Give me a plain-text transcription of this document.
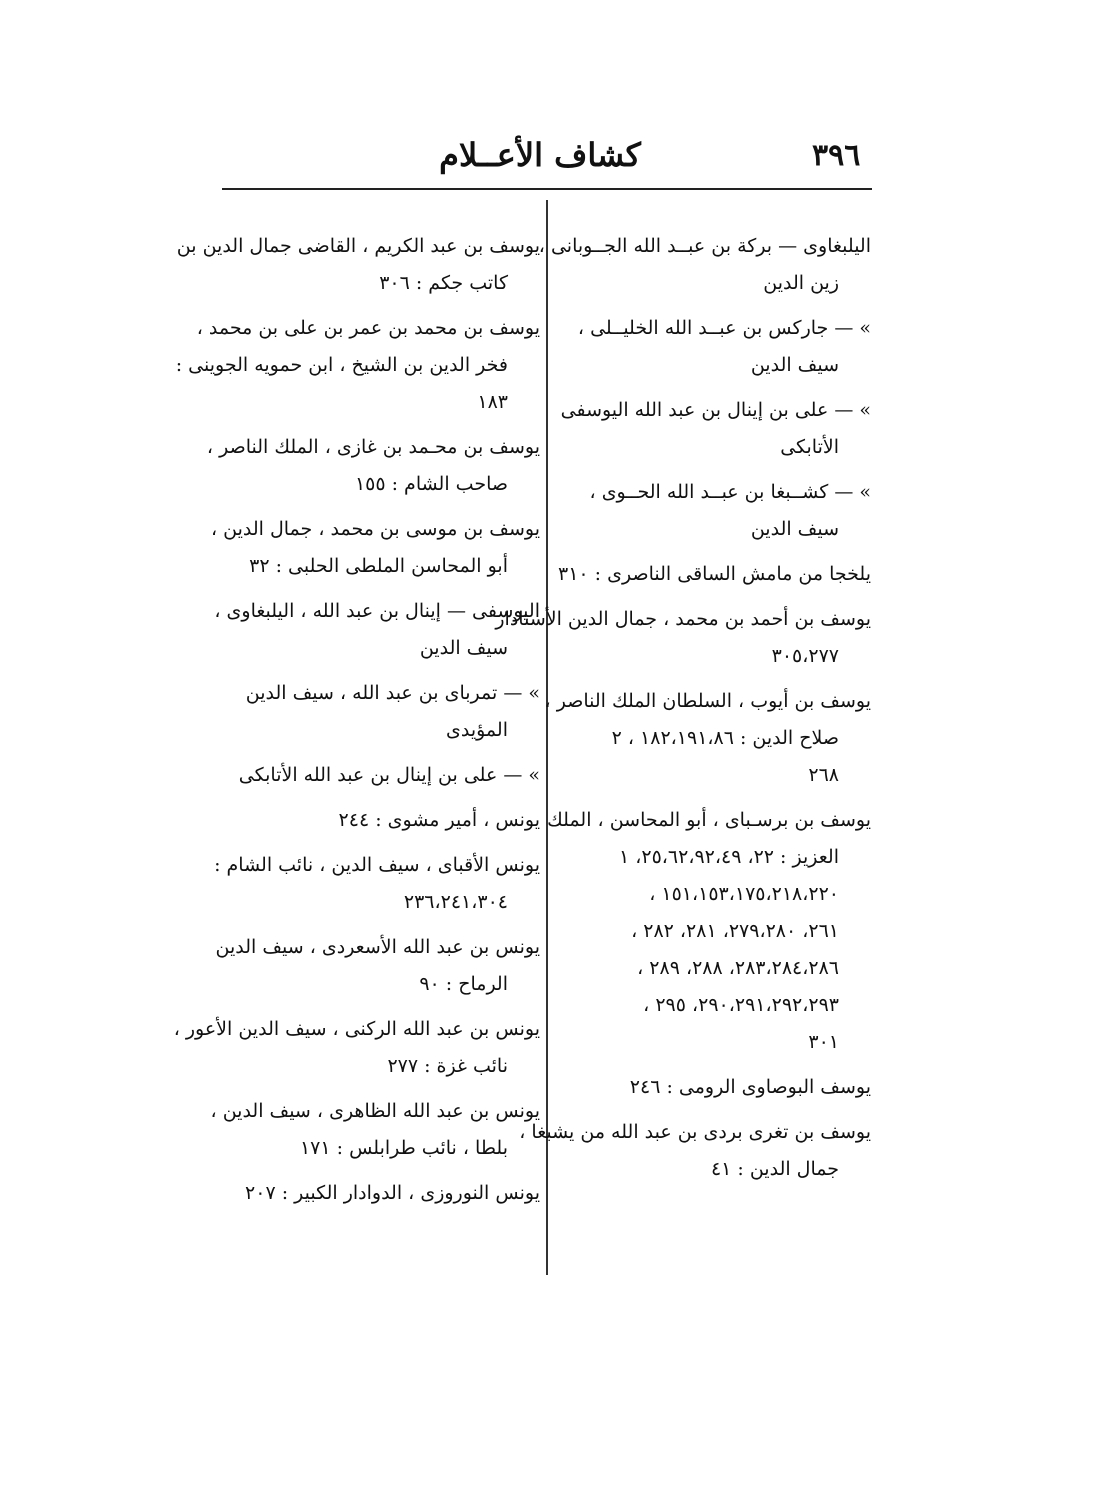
٣٩٦
كشاف الأعــلام
اليلبغاوى — بركة بن عبــد الله الجــوبانى ،
زين الدين
» — جاركس بن عبــد الله الخليــلى ،
سيف الدين
» — على بن إينال بن عبد الله اليوسفى
الأتابكى
» — كشــبغا بن عبــد الله الحــوى ،
سيف الدين
يلخجا من مامش الساقى الناصرى : ٣١٠
يوسف بن أحمد بن محمد ، جمال الدين الأستادار
٣٠٥،٢٧٧
يوسف بن أيوب ، السلطان الملك الناصر ،
صلاح الدين : ١٨٢،١٩١،٨٦ ، ٢
٢٦٨
يوسف بن برسـباى ، أبو المحاسن ، الملك
العزيز : ٢٢، ٢٥،٦٢،٩٢،٤٩، ١
١٥١،١٥٣،١٧٥،٢١٨،٢٢٠ ،
٢٦١، ٢٧٩،٢٨٠، ٢٨١، ٢٨٢ ،
٢٨٣،٢٨٤،٢٨٦، ٢٨٨، ٢٨٩ ،
٢٩٠،٢٩١،٢٩٢،٢٩٣، ٢٩٥ ،
٣٠١
يوسف البوصاوى الرومى : ٢٤٦
يوسف بن تغرى بردى بن عبد الله من يشبغا ،
جمال الدين : ٤١
يوسف بن عبد الكريم ، القاضى جمال الدين بن
كاتب جكم : ٣٠٦
يوسف بن محمد بن عمر بن على بن محمد ،
فخر الدين بن الشيخ ، ابن حمويه الجوينى :
١٨٣
يوسف بن محـمد بن غازى ، الملك الناصر ،
صاحب الشام : ١٥٥
يوسف بن موسى بن محمد ، جمال الدين ،
أبو المحاسن الملطى الحلبى : ٣٢
اليوسفى — إينال بن عبد الله ، اليلبغاوى ،
سيف الدين
» — تمرباى بن عبد الله ، سيف الدين
المؤيدى
» — على بن إينال بن عبد الله الأتابكى
يونس ، أمير مشوى : ٢٤٤
يونس الأقباى ، سيف الدين ، نائب الشام :
٢٣٦،٢٤١،٣٠٤
يونس بن عبد الله الأسعردى ، سيف الدين
الرماح : ٩٠
يونس بن عبد الله الركنى ، سيف الدين الأعور ،
نائب غزة : ٢٧٧
يونس بن عبد الله الظاهرى ، سيف الدين ،
بلطا ، نائب طرابلس : ١٧١
يونس النوروزى ، الدوادار الكبير : ٢٠٧
